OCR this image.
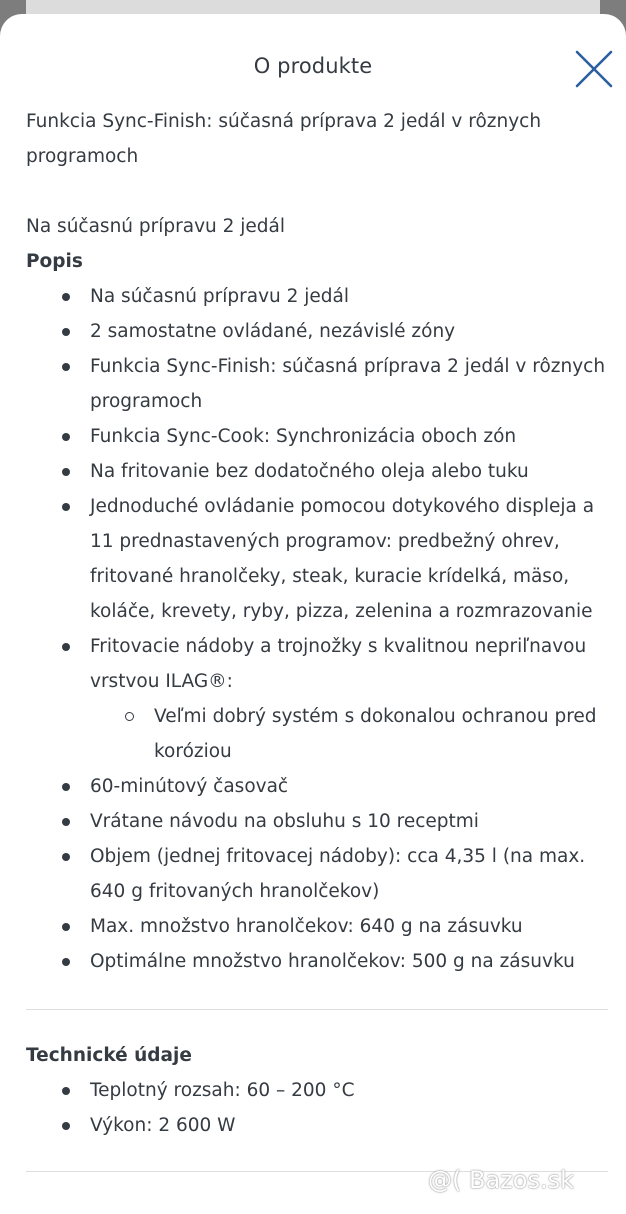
O produkte

Funkcia Sync-Finish: súčasná príprava 2 jedál v rôznych programoch

Na súčasnú prípravu 2 jedál

Popis

Na súčasnú prípravu 2 jedál
2 samostatne ovládané, nezávislé zóny
Funkcia Sync-Finish: súčasná príprava 2 jedál v rôznych programoch
Funkcia Sync-Cook: Synchronizácia oboch zón
Na fritovanie bez dodatočného oleja alebo tuku
Jednoduché ovládanie pomocou dotykového displeja a 11 prednastavených programov: predbežný ohrev, fritované hranolčeky, steak, kuracie krídelká, mäso, koláče, krevety, ryby, pizza, zelenina a rozmrazovanie
Fritovacie nádoby a trojnožky s kvalitnou nepriľnavou vrstvou ILAG®:
Veľmi dobrý systém s dokonalou ochranou pred koróziou
60-minútový časovač
Vrátane návodu na obsluhu s 10 receptmi
Objem (jednej fritovacej nádoby): cca 4,35 l (na max. 640 g fritovaných hranolčekov)
Max. množstvo hranolčekov: 640 g na zásuvku
Optimálne množstvo hranolčekov: 500 g na zásuvku

Technické údaje

Teplotný rozsah: 60 – 200 °C
Výkon: 2 600 W
@( Bazos.sk
